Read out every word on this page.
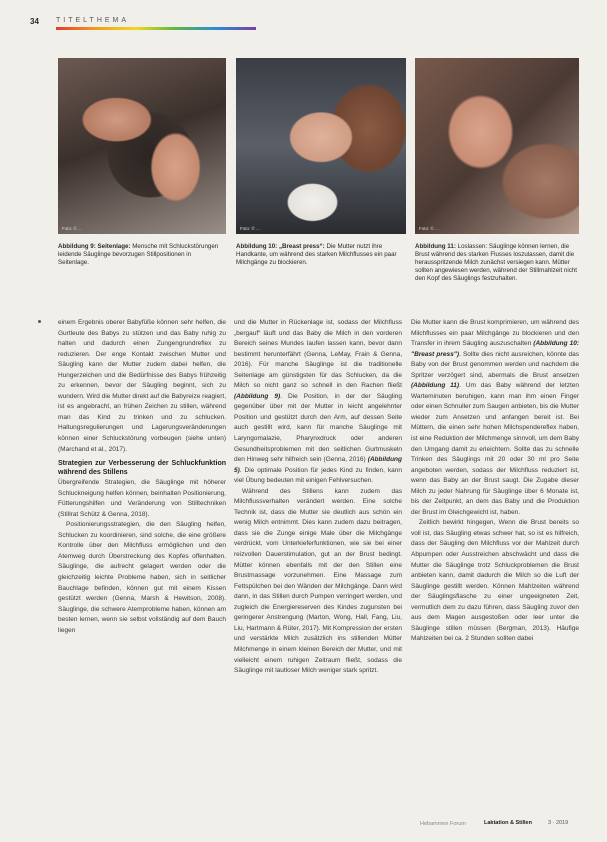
34 TITELTHEMA
Foto: © ...	Foto: © ...	Foto: © ...
Abbildung 9: Seitenlage: Mensche mit Schluckstörungen leidende Säuglinge bevorzugen Stillpositionen in Seitenlage.
Abbildung 10: „Breast press“: Die Mutter nutzt ihre Handkante, um während des starken Milchflusses ein paar Milchgänge zu blockieren.
Abbildung 11: Loslassen: Säuglinge können lernen, die Brust während des starken Flusses loszulassen, damit die herausspritzende Milch zunächst versiegen kann. Mütter sollten angewiesen werden, während der Stillmahlzeit nicht den Kopf des Säuglings festzuhalten.

einem Ergebnis oberer Babyfüße können sehr helfen, die Gurtleute des Babys zu stützen und das Baby ruhig zu halten und dadurch einen Zungengrundreflex zu reduzieren. Der enge Kontakt zwischen Mutter und Säugling kann der Mutter zudem dabei helfen, die Hungerzeichen und die Bedürfnisse des Babys frühzeitig zu erkennen, bevor der Säugling beginnt, sich zu wundern. Wird die Mutter direkt auf die Babyreize reagiert, ist es angebracht, an frühen Zeichen zu stillen, während man das Kind zu trinken und zu schlucken. Haltungsregulierungen und Lagerungsveränderungen können einer Schluckstörung vorbeugen (siehe unten) (Marchand et al., 2017).

Strategien zur Verbesserung der Schluckfunktion während des Stillens

Übergreifende Strategien, die Säuglinge mit höherer Schluckneigung helfen können, beinhalten Positionierung, Fütterungshilfen und Veränderung von Stilltechniken (Stillrat Schütz & Genna, 2018).

Positionierungsstrategien, die den Säugling helfen, Schlucken zu koordinieren, sind solche, die eine größere Kontrolle über den Milchfluss ermöglichen und den Atemweg durch Überstreckung des Kopfes offenhalten. Säuglinge, die aufrecht gelagert werden oder die gleichzeitig leichte Probleme haben, sich in seitlicher Bauchlage befinden, können gut mit einem Kissen gestützt werden (Genna, Marsh & Hewitson, 2008). Säuglinge, die schwere Atemprobleme haben, können am besten lernen, wenn sie selbst vollständig auf dem Bauch liegen

und die Mutter in Rückenlage ist, sodass der Milchfluss „bergauf“ läuft und das Baby die Milch in den vorderen Bereich seines Mundes laufen lassen kann, bevor dann bestimmt herunterfährt (Genna, LeMay, Frain & Genna, 2016). Für manche Säuglinge ist die traditionelle Seitenlage am günstigsten für das Schlucken, da die Milch so nicht ganz so schnell in den Rachen fließt (Abbildung 9). Die Position, in der der Säugling gegenüber über mit der Mutter in leicht angelehnter Position und gestützt durch den Arm, auf dessen Seite auch gestillt wird, kann für manche Säuglinge mit Laryngomalazie, Pharynxdruck oder anderen Gesundheitsproblemen mit den seitlichen Gurtmuskeln den Hinweg sehr hilfreich sein (Genna, 2016) (Abbildung 5). Die optimale Position für jedes Kind zu finden, kann viel Übung bedeuten mit einigen Fehlversuchen.

Während des Stillens kann zudem das Milchflussverhalten verändert werden. Eine solche Technik ist, dass die Mutter sie deutlich aus schön ein wenig Milch entnimmt. Dies kann zudem dazu beitragen, dass sie die Zunge einige Male über die Milchgänge verdrückt, vom Unterkieferfunktionen, wie sie bei einer reizvollen Dauerstimulation, gut an der Brust bedingt. Mütter können ebenfalls mit der den Stillen eine Brustmassage vorzunehmen. Eine Massage zum Fettspülchen bei den Wänden der Milchgänge. Dann wird dann, in das Stillen durch Pumpen verringert werden, und zugleich die Energiereserven des Kindes zugunsten bei geringerer Anstrengung (Marton, Wong, Hall, Fang, Liu, Liu, Hartmann & Rüter, 2017). Mit Kompression der ersten und verstärkte Milch zusätzlich ins stillenden Mütter Milchmenge in einem kleinen Bereich der Mutter, und mit vielleicht einem ruhigen Zeitraum fließt, sodass die Säuglinge mit lautloser Milch weniger stark spritzt.

Die Mutter kann die Brust komprimieren, um während des Milchflusses ein paar Milchgänge zu blockieren und den Transfer in ihrem Säugling auszuschalten (Abbildung 10: "Breast press"). Sollte dies nicht ausreichen, könnte das Baby von der Brust genommen werden und nachdem die Spritzer verzögert sind, abermals die Brust ansetzen (Abbildung 11). Um das Baby während der letzten Warteminuten beruhigen, kann man ihm einen Finger oder einen Schnuller zum Saugen anbieten, bis die Mutter wieder zum Ansetzen und anfangen bereit ist. Bei Müttern, die einen sehr hohen Milchspendereflex haben, ist eine Reduktion der Milchmenge sinnvoll, um dem Baby den Umgang damit zu erleichtern. Sollte das zu schnelle Trinken des Säuglings mit 20 oder 30 ml pro Seite angeboten werden, sodass der Milchfluss reduziert ist, wenn das Baby an der Brust saugt. Die Zugabe dieser Milch zu jeder Nahrung für Säuglinge über 6 Monate ist, bis der Zeitpunkt, an dem das Baby und die Produktion der Brust im Gleichgewicht ist, haben.

Zeitlich bewirkt hingegen, Wenn die Brust bereits so voll ist, das Säugling etwas schwer hat, so ist es hilfreich, dass der Säugling den Milchfluss vor der Mahlzeit durch Abpumpen oder Ausstreichen abschwächt und dass die Mutter die Säuglinge trotz Schluckproblemen die Brust anbieten kann, damit dadurch die Milch so die Luft der Säuglinge gestillt werden. Können Mahlzeiten während der Säuglingsflasche zu einer ungeeigneten Zeit, vermutlich dem zu dazu führen, dass Säugling zuvor den aus dem Magen ausgestoßen oder leer unter die Säuglinge stillen müssen (Bergman, 2013). Häufige Mahlzeiten bei ca. 2 Stunden sollten dabei

Hebammen Forum	Laktation & Stillen	3 · 2019
